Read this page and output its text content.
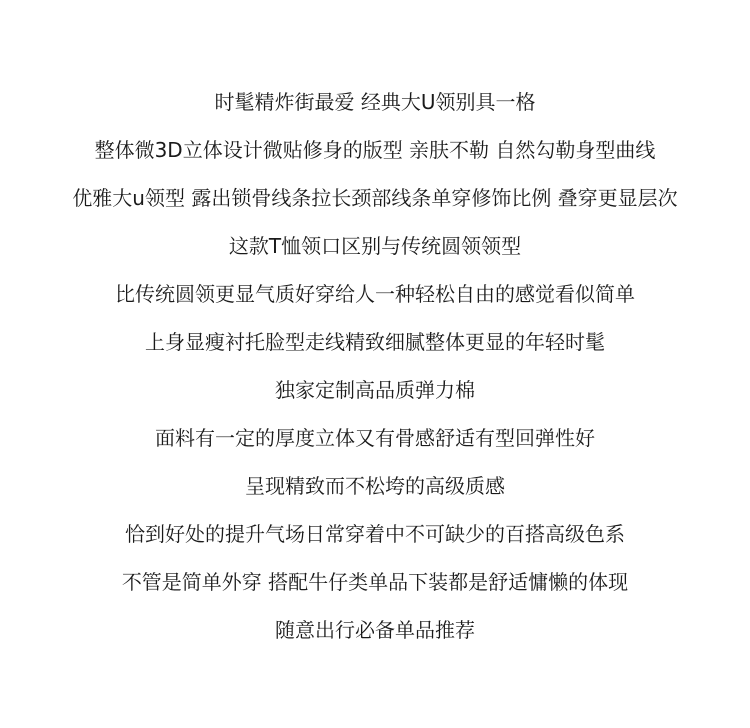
时髦精炸街最爱 经典大U领别具一格
整体微3D立体设计微贴修身的版型 亲肤不勒 自然勾勒身型曲线
优雅大u领型 露出锁骨线条拉长颈部线条单穿修饰比例 叠穿更显层次
这款T恤领口区别与传统圆领领型
比传统圆领更显气质好穿给人一种轻松自由的感觉看似简单
上身显瘦衬托脸型走线精致细腻整体更显的年轻时髦
独家定制高品质弹力棉
面料有一定的厚度立体又有骨感舒适有型回弹性好
呈现精致而不松垮的高级质感
恰到好处的提升气场日常穿着中不可缺少的百搭高级色系
不管是简单外穿 搭配牛仔类单品下装都是舒适慵懒的体现
随意出行必备单品推荐
